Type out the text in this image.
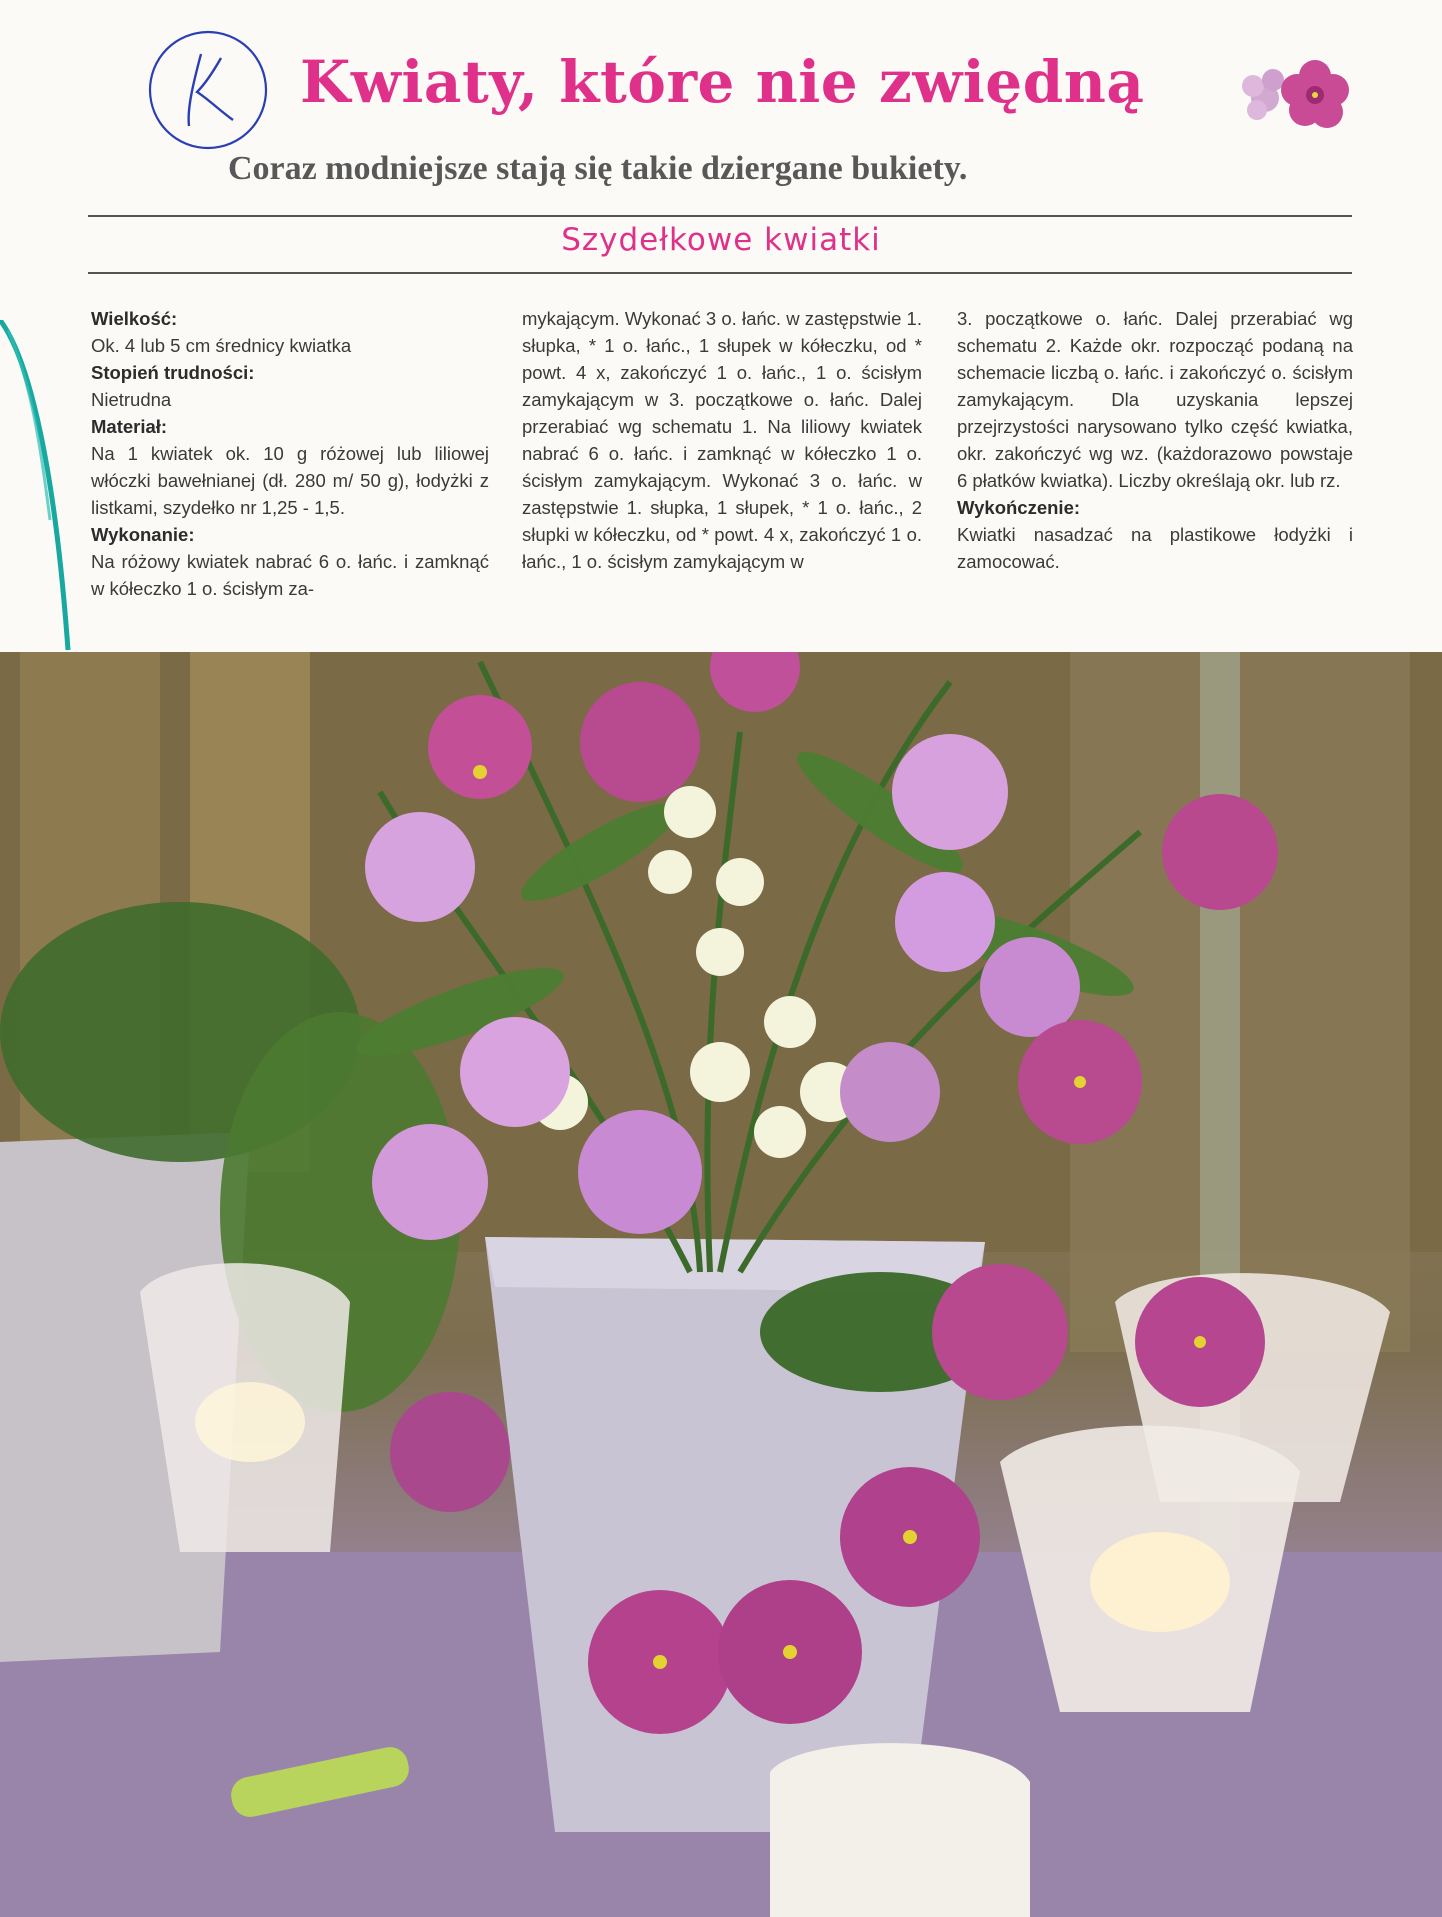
K Kwiaty, które nie zwiędną
Coraz modniejsze stają się takie dziergane bukiety.
Szydełkowe kwiatki

Wielkość:

Ok. 4 lub 5 cm średnicy kwiatka

Stopień trudności:

Nietrudna

Materiał:

Na 1 kwiatek ok. 10 g różowej lub liliowej włóczki bawełnianej (dł. 280 m/ 50 g), łodyżki z listkami, szydełko nr 1,25 - 1,5.

Wykonanie:

Na różowy kwiatek nabrać 6 o. łańc. i zamknąć w kółeczko 1 o. ścisłym za-

mykającym. Wykonać 3 o. łańc. w zastępstwie 1. słupka, * 1 o. łańc., 1 słupek w kółeczku, od * powt. 4 x, zakończyć 1 o. łańc., 1 o. ścisłym zamykającym w 3. początkowe o. łańc. Dalej przerabiać wg schematu 1. Na liliowy kwiatek nabrać 6 o. łańc. i zamknąć w kółeczko 1 o. ścisłym zamykającym. Wykonać 3 o. łańc. w zastępstwie 1. słupka, 1 słupek, * 1 o. łańc., 2 słupki w kółeczku, od * powt. 4 x, zakończyć 1 o. łańc., 1 o. ścisłym zamykającym w

3. początkowe o. łańc. Dalej przerabiać wg schematu 2. Każde okr. rozpocząć podaną na schemacie liczbą o. łańc. i zakończyć o. ścisłym zamykającym. Dla uzyskania lepszej przejrzystości narysowano tylko część kwiatka, okr. zakończyć wg wz. (każdorazowo powstaje 6 płatków kwiatka). Liczby określają okr. lub rz.

Wykończenie:

Kwiatki nasadzać na plastikowe łodyżki i zamocować.
